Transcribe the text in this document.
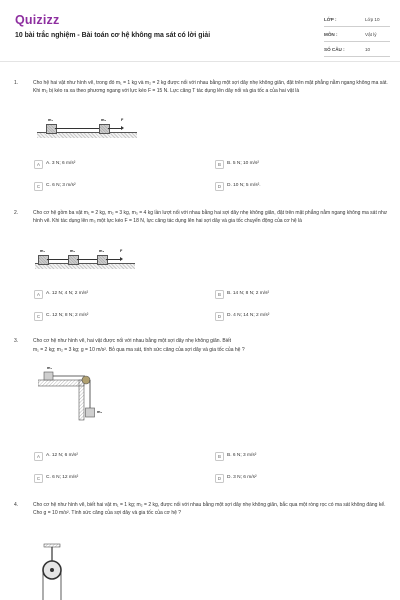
Quizizz
10 bài trắc nghiệm - Bài toán cơ hệ không ma sát có lời giải
LỚP :	Lớp 10
MÔN :	Vật lý
SỐ CÂU :	10
1.	Cho hệ hai vật như hình vẽ, trong đó m₁ = 1 kg và m₂ = 2 kg được nối với nhau bằng một sợi dây nhẹ không giãn, đặt trên mặt phẳng nằm ngang không ma sát. Khi m₂ bị kéo ra xa theo phương ngang với lực kéo F = 15 N. Lực căng T tác dụng lên dây nối và gia tốc a của hai vật là
m₁	m₂	F
A	A. 3 N; 6 m/s²	B	B. 5 N; 10 m/s²
C	C. 6 N; 3 m/s²	D	D. 10 N; 5 m/s².
2.	Cho cơ hệ gồm ba vật m₁ = 2 kg, m₂ = 3 kg, m₃ = 4 kg lần lượt nối với nhau bằng hai sợi dây nhẹ không giãn, đặt trên mặt phẳng nằm ngang không ma sát như hình vẽ. Khi tác dụng lên m₃ một lực kéo F = 18 N, lực căng tác dụng lên hai sợi dây và gia tốc chuyển động của cơ hệ là
m₁	m₂	m₃	F
A	A. 12 N; 4 N; 2 m/s²	B	B. 14 N; 8 N; 2 m/s²
C	C. 12 N; 8 N; 2 m/s²	D	D. 4 N; 14 N; 2 m/s²
3.	Cho cơ hệ như hình vẽ, hai vật được nối với nhau bằng một sợi dây nhẹ không giãn. Biết
m₁ = 2 kg; m₂ = 3 kg; g = 10 m/s². Bỏ qua ma sát, tính sức căng của sợi dây và gia tốc của hệ ?
m₁
m₂
A	A. 12 N; 6 m/s²	B	B. 6 N; 3 m/s²
C	C. 6 N; 12 m/s²	D	D. 3 N; 6 m/s²
4.	Cho cơ hệ như hình vẽ, biết hai vật m₁ = 1 kg; m₂ = 2 kg, được nối với nhau bằng một sợi dây nhẹ không giãn, bắc qua một ròng rọc có ma sát không đáng kể. Cho g = 10 m/s². Tính sức căng của sợi dây và gia tốc của cơ hệ ?
